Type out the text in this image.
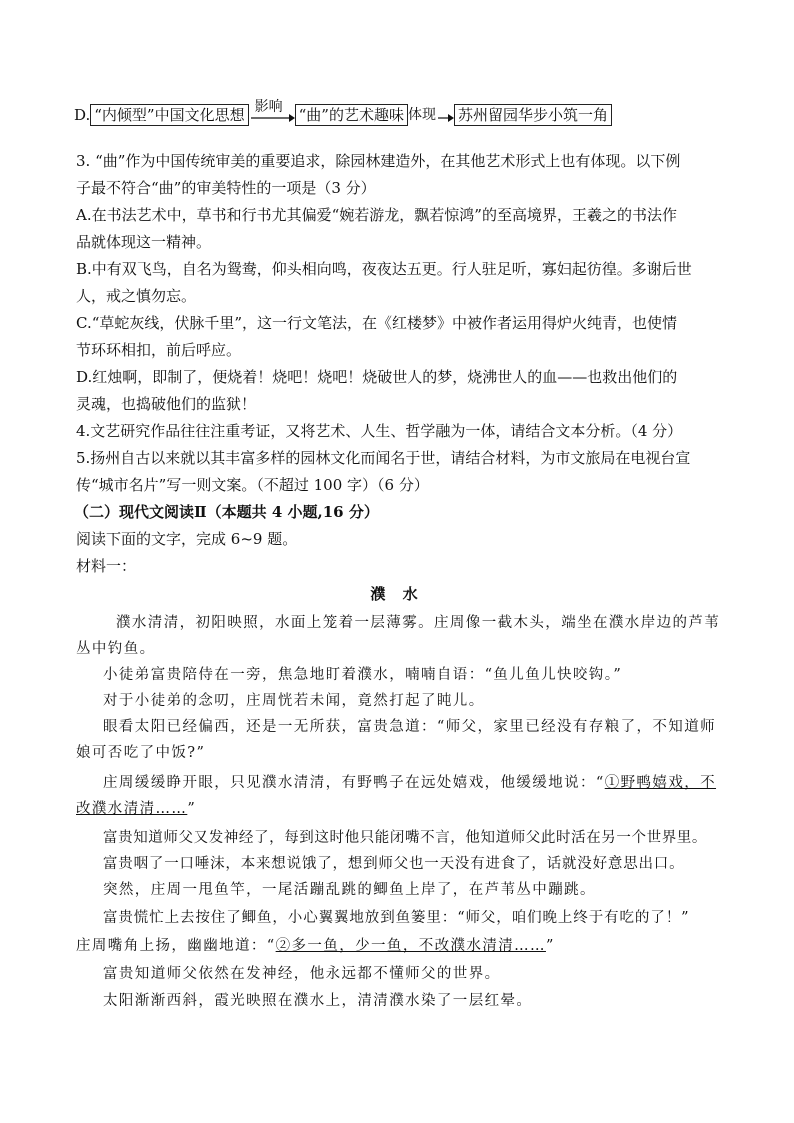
D. “内倾型”中国文化思想 影响 “曲”的艺术趣味 体现 苏州留园华步小筑一角
3. “曲”作为中国传统审美的重要追求，除园林建造外，在其他艺术形式上也有体现。以下例
子最不符合“曲”的审美特性的一项是（3 分）
A.在书法艺术中，草书和行书尤其偏爱“婉若游龙，飘若惊鸿”的至高境界，王羲之的书法作
品就体现这一精神。
B.中有双飞鸟，自名为鸳鸯，仰头相向鸣，夜夜达五更。行人驻足听，寡妇起彷徨。多谢后世
人，戒之慎勿忘。
C.“草蛇灰线，伏脉千里”，这一行文笔法，在《红楼梦》中被作者运用得炉火纯青，也使情
节环环相扣，前后呼应。
D.红烛啊，即制了，便烧着！烧吧！烧吧！烧破世人的梦，烧沸世人的血——也救出他们的
灵魂，也捣破他们的监狱！
4.文艺研究作品往往注重考证，又将艺术、人生、哲学融为一体，请结合文本分析。（4 分）
5.扬州自古以来就以其丰富多样的园林文化而闻名于世，请结合材料，为市文旅局在电视台宣
传“城市名片”写一则文案。（不超过 100 字）（6 分）
（二）现代文阅读Ⅱ（本题共 4 小题,16 分）
阅读下面的文字，完成 6~9 题。
材料一：
濮 水
濮水清清，初阳映照，水面上笼着一层薄雾。庄周像一截木头，端坐在濮水岸边的芦苇
丛中钓鱼。
小徒弟富贵陪侍在一旁，焦急地盯着濮水，喃喃自语：“鱼儿鱼儿快咬钩。”
对于小徒弟的念叨，庄周恍若未闻，竟然打起了盹儿。
眼看太阳已经偏西，还是一无所获，富贵急道：“师父，家里已经没有存粮了，不知道师
娘可否吃了中饭?”
庄周缓缓睁开眼，只见濮水清清，有野鸭子在远处嬉戏，他缓缓地说：“①野鸭嬉戏，不
改濮水清清……”
富贵知道师父又发神经了，每到这时他只能闭嘴不言，他知道师父此时活在另一个世界里。
富贵咽了一口唾沫，本来想说饿了，想到师父也一天没有进食了，话就没好意思出口。
突然，庄周一甩鱼竿，一尾活蹦乱跳的鲫鱼上岸了，在芦苇丛中蹦跳。
富贵慌忙上去按住了鲫鱼，小心翼翼地放到鱼篓里：“师父，咱们晚上终于有吃的了！”
庄周嘴角上扬，幽幽地道：“②多一鱼，少一鱼，不改濮水清清……”
富贵知道师父依然在发神经，他永远都不懂师父的世界。
太阳渐渐西斜，霞光映照在濮水上，清清濮水染了一层红晕。
